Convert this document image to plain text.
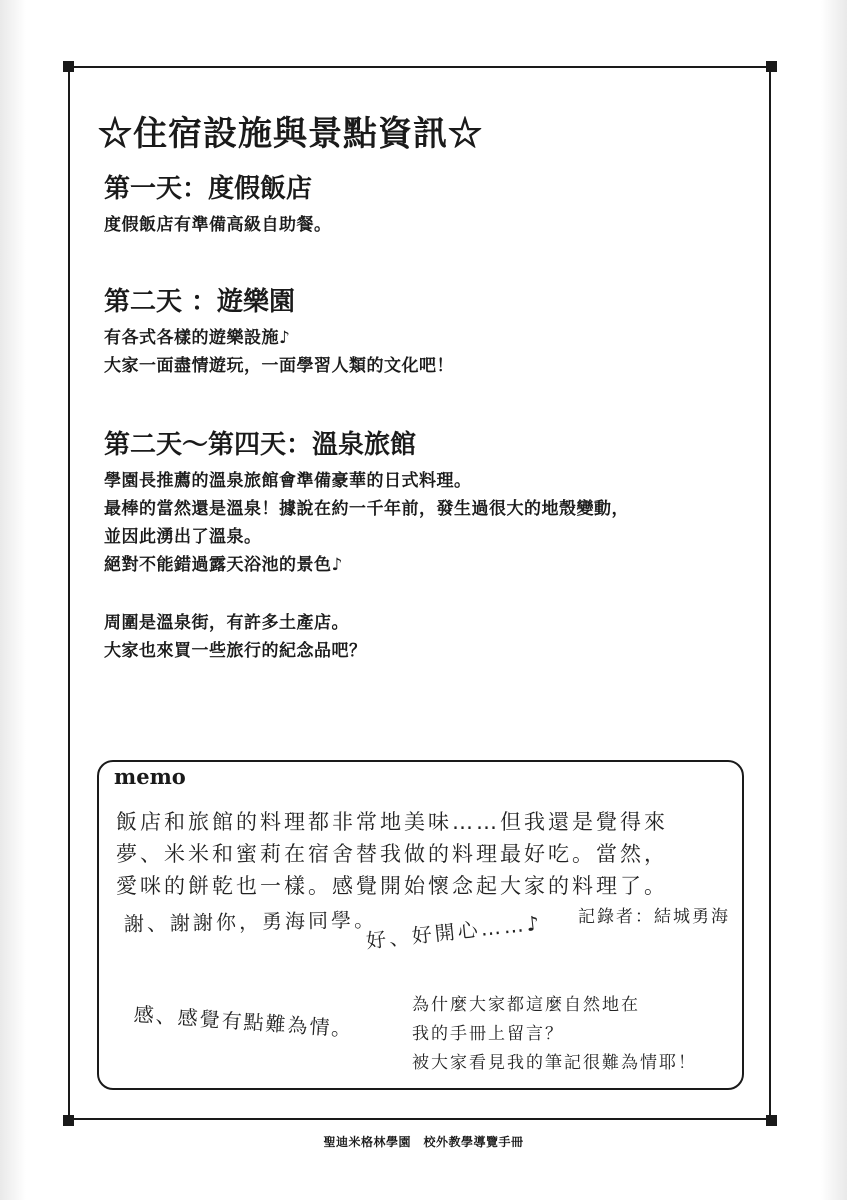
☆住宿設施與景點資訊☆
第一天：度假飯店
度假飯店有準備高級自助餐。
第二天 ：遊樂園
有各式各樣的遊樂設施♪
大家一面盡情遊玩，一面學習人類的文化吧！
第二天～第四天：溫泉旅館
學園長推薦的溫泉旅館會準備豪華的日式料理。
最棒的當然還是溫泉！據說在約一千年前，發生過很大的地殼變動，
並因此湧出了溫泉。
絕對不能錯過露天浴池的景色♪
周圍是溫泉街，有許多土產店。
大家也來買一些旅行的紀念品吧？
memo
飯店和旅館的料理都非常地美味……但我還是覺得來
夢、米米和蜜莉在宿舍替我做的料理最好吃。當然，
愛咪的餅乾也一樣。感覺開始懷念起大家的料理了。
記錄者：結城勇海
謝、謝謝你，勇海同學。
好、好開心……♪
感、感覺有點難為情。	為什麼大家都這麼自然地在
我的手冊上留言？
被大家看見我的筆記很難為情耶！
聖迪米格林學園　校外教學導覽手冊
